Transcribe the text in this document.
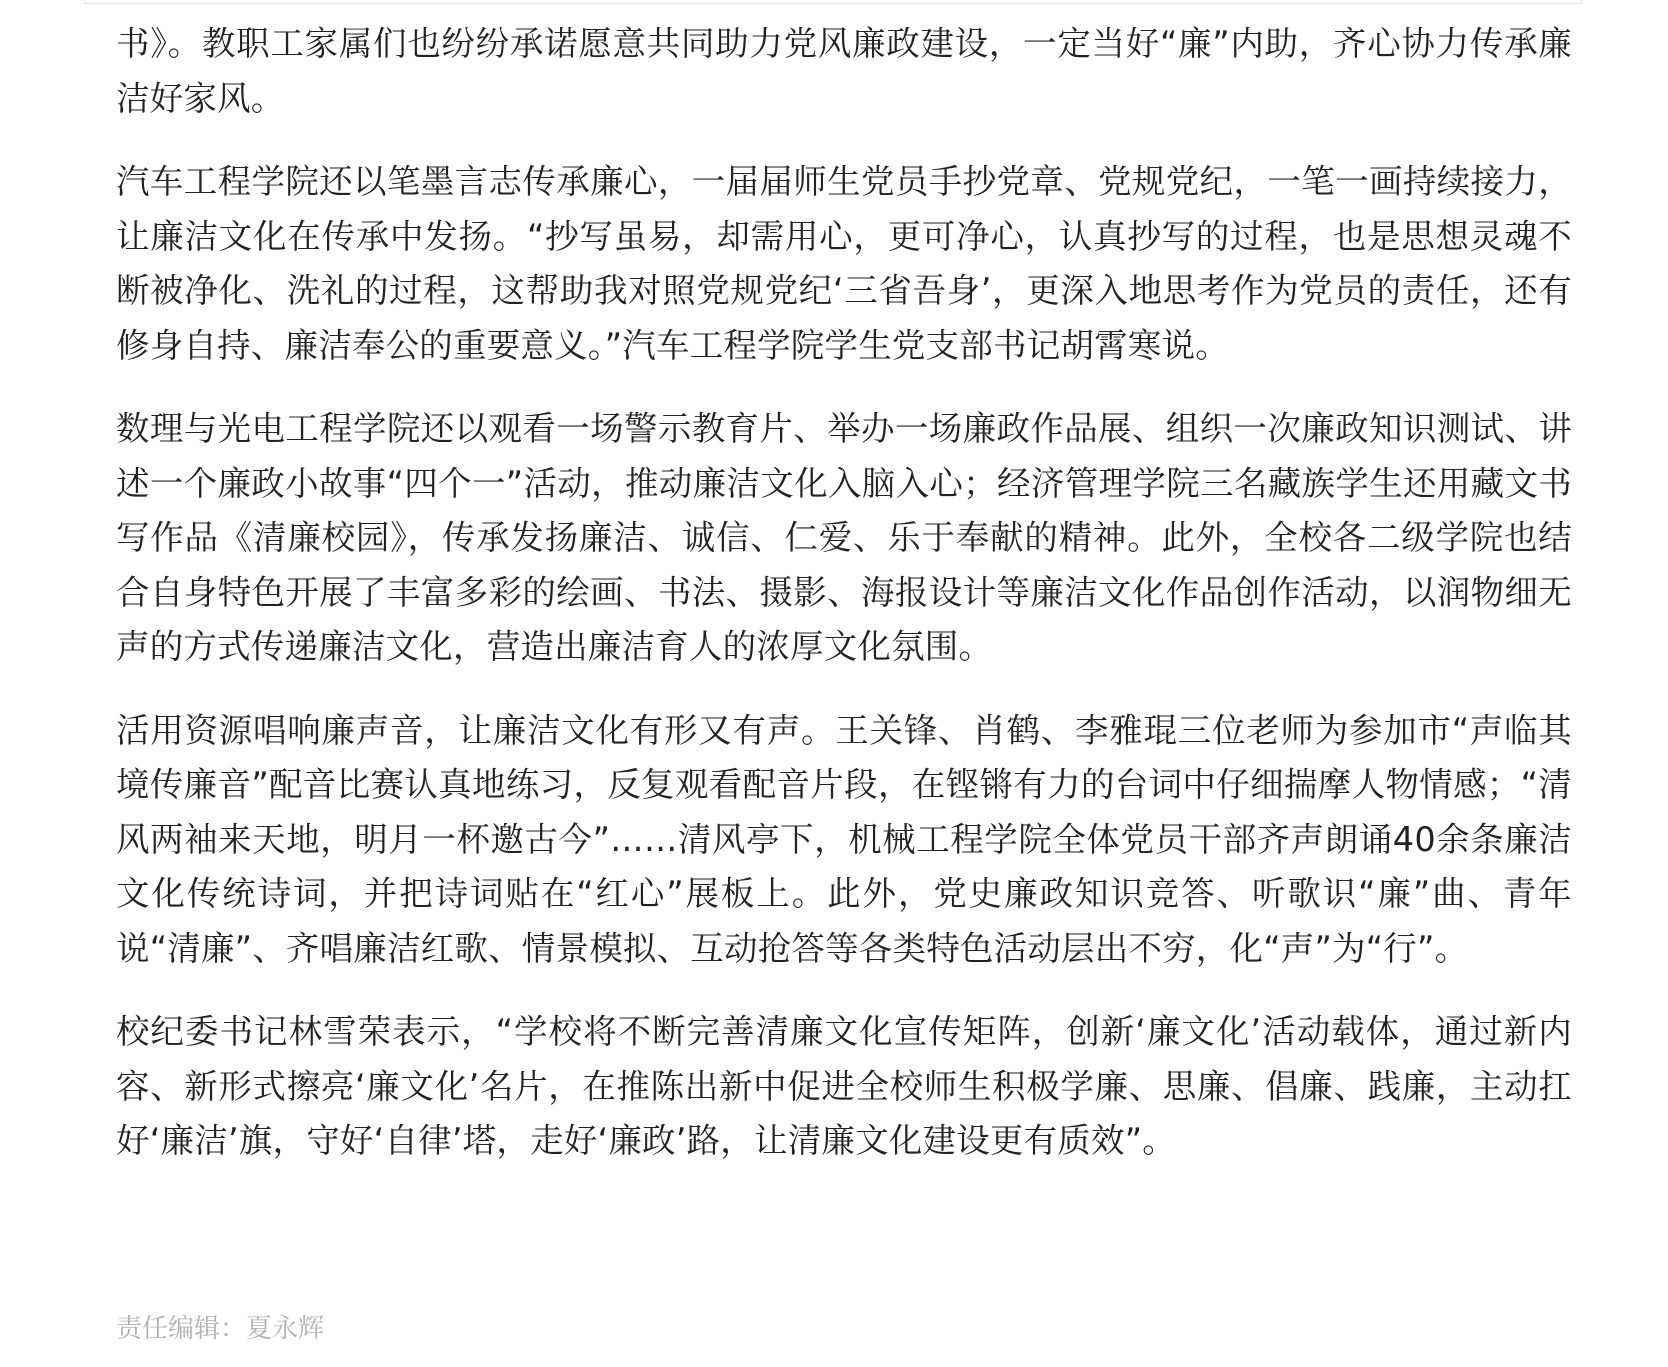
书》。教职工家属们也纷纷承诺愿意共同助力党风廉政建设，一定当好“廉”内助，齐心协力传承廉洁好家风。

汽车工程学院还以笔墨言志传承廉心，一届届师生党员手抄党章、党规党纪，一笔一画持续接力，让廉洁文化在传承中发扬。“抄写虽易，却需用心，更可净心，认真抄写的过程，也是思想灵魂不断被净化、洗礼的过程，这帮助我对照党规党纪‘三省吾身’，更深入地思考作为党员的责任，还有修身自持、廉洁奉公的重要意义。”汽车工程学院学生党支部书记胡霄寒说。

数理与光电工程学院还以观看一场警示教育片、举办一场廉政作品展、组织一次廉政知识测试、讲述一个廉政小故事“四个一”活动，推动廉洁文化入脑入心；经济管理学院三名藏族学生还用藏文书写作品《清廉校园》，传承发扬廉洁、诚信、仁爱、乐于奉献的精神。此外，全校各二级学院也结合自身特色开展了丰富多彩的绘画、书法、摄影、海报设计等廉洁文化作品创作活动，以润物细无声的方式传递廉洁文化，营造出廉洁育人的浓厚文化氛围。

活用资源唱响廉声音，让廉洁文化有形又有声。王关锋、肖鹤、李雅琨三位老师为参加市“声临其境传廉音”配音比赛认真地练习，反复观看配音片段，在铿锵有力的台词中仔细揣摩人物情感；“清风两袖来天地，明月一杯邀古今”……清风亭下，机械工程学院全体党员干部齐声朗诵40余条廉洁文化传统诗词，并把诗词贴在“红心”展板上。此外，党史廉政知识竞答、听歌识“廉”曲、青年说“清廉”、齐唱廉洁红歌、情景模拟、互动抢答等各类特色活动层出不穷，化“声”为“行”。

校纪委书记林雪荣表示，“学校将不断完善清廉文化宣传矩阵，创新‘廉文化’活动载体，通过新内容、新形式擦亮‘廉文化’名片，在推陈出新中促进全校师生积极学廉、思廉、倡廉、践廉，主动扛好‘廉洁’旗，守好‘自律’塔，走好‘廉政’路，让清廉文化建设更有质效”。

责任编辑：夏永辉
